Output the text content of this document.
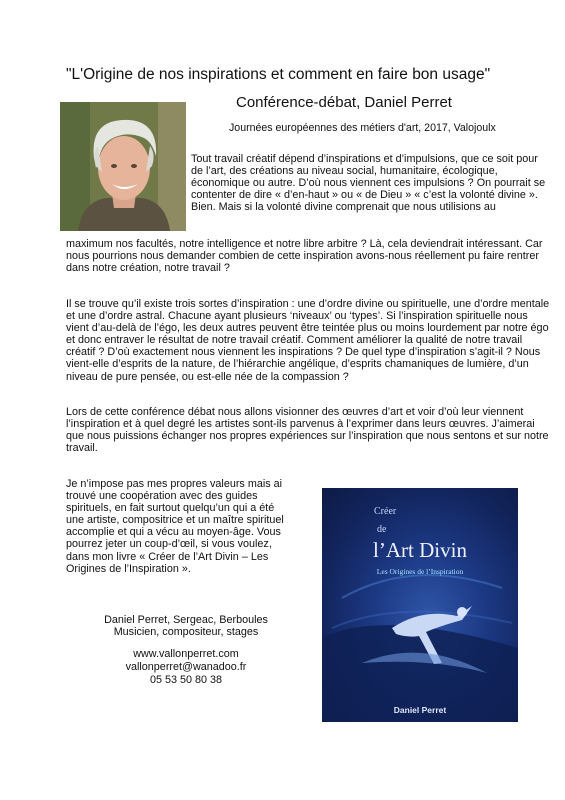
"L'Origine de nos inspirations et comment en faire bon usage"
Conférence-débat, Daniel Perret
Journées européennes des métiers d'art, 2017, Valojoulx

Tout travail créatif dépend d’inspirations et d’impulsions, que ce soit pour de l’art, des créations au niveau social, humanitaire, écologique, économique ou autre. D’où nous viennent ces impulsions ? On pourrait se contenter de dire « d’en-haut » ou « de Dieu » « c’est la volonté divine ». Bien. Mais si la volonté divine comprenait que nous utilisions au

maximum nos facultés, notre intelligence et notre libre arbitre ? Là, cela deviendrait intéressant. Car nous pourrions nous demander combien de cette inspiration avons-nous réellement pu faire rentrer dans notre création, notre travail ?

Il se trouve qu’il existe trois sortes d’inspiration : une d’ordre divine ou spirituelle, une d’ordre mentale et une d’ordre astral. Chacune ayant plusieurs ‘niveaux’ ou ‘types’. Si l’inspiration spirituelle nous vient d’au-delà de l’égo, les deux autres peuvent être teintée plus ou moins lourdement par notre égo et donc entraver le résultat de notre travail créatif. Comment améliorer la qualité de notre travail créatif ? D’où exactement nous viennent les inspirations ? De quel type d’inspiration s’agit-il ? Nous vient-elle d’esprits de la nature, de l’hiérarchie angélique, d’esprits chamaniques de lumière, d’un niveau de pure pensée, ou est-elle née de la compassion ?

Lors de cette conférence débat nous allons visionner des œuvres d’art et voir d’où leur viennent l’inspiration et à quel degré les artistes sont-ils parvenus à l’exprimer dans leurs œuvres. J’aimerai que nous puissions échanger nos propres expériences sur l’inspiration que nous sentons et sur notre travail.

Je n’impose pas mes propres valeurs mais ai trouvé une coopération avec des guides spirituels, en fait surtout quelqu’un qui a été une artiste, compositrice et un maître spirituel accomplie et qui a vécu au moyen-âge. Vous pourrez jeter un coup-d’œil, si vous voulez, dans mon livre « Créer de l’Art Divin – Les Origines de l’Inspiration ».

Daniel Perret, Sergeac, Berboules
Musicien, compositeur, stages
www.vallonperret.com
vallonperret@wanadoo.fr
05 53 50 80 38
Créer
de
l’Art Divin
Les Origines de l’Inspiration
Daniel Perret
